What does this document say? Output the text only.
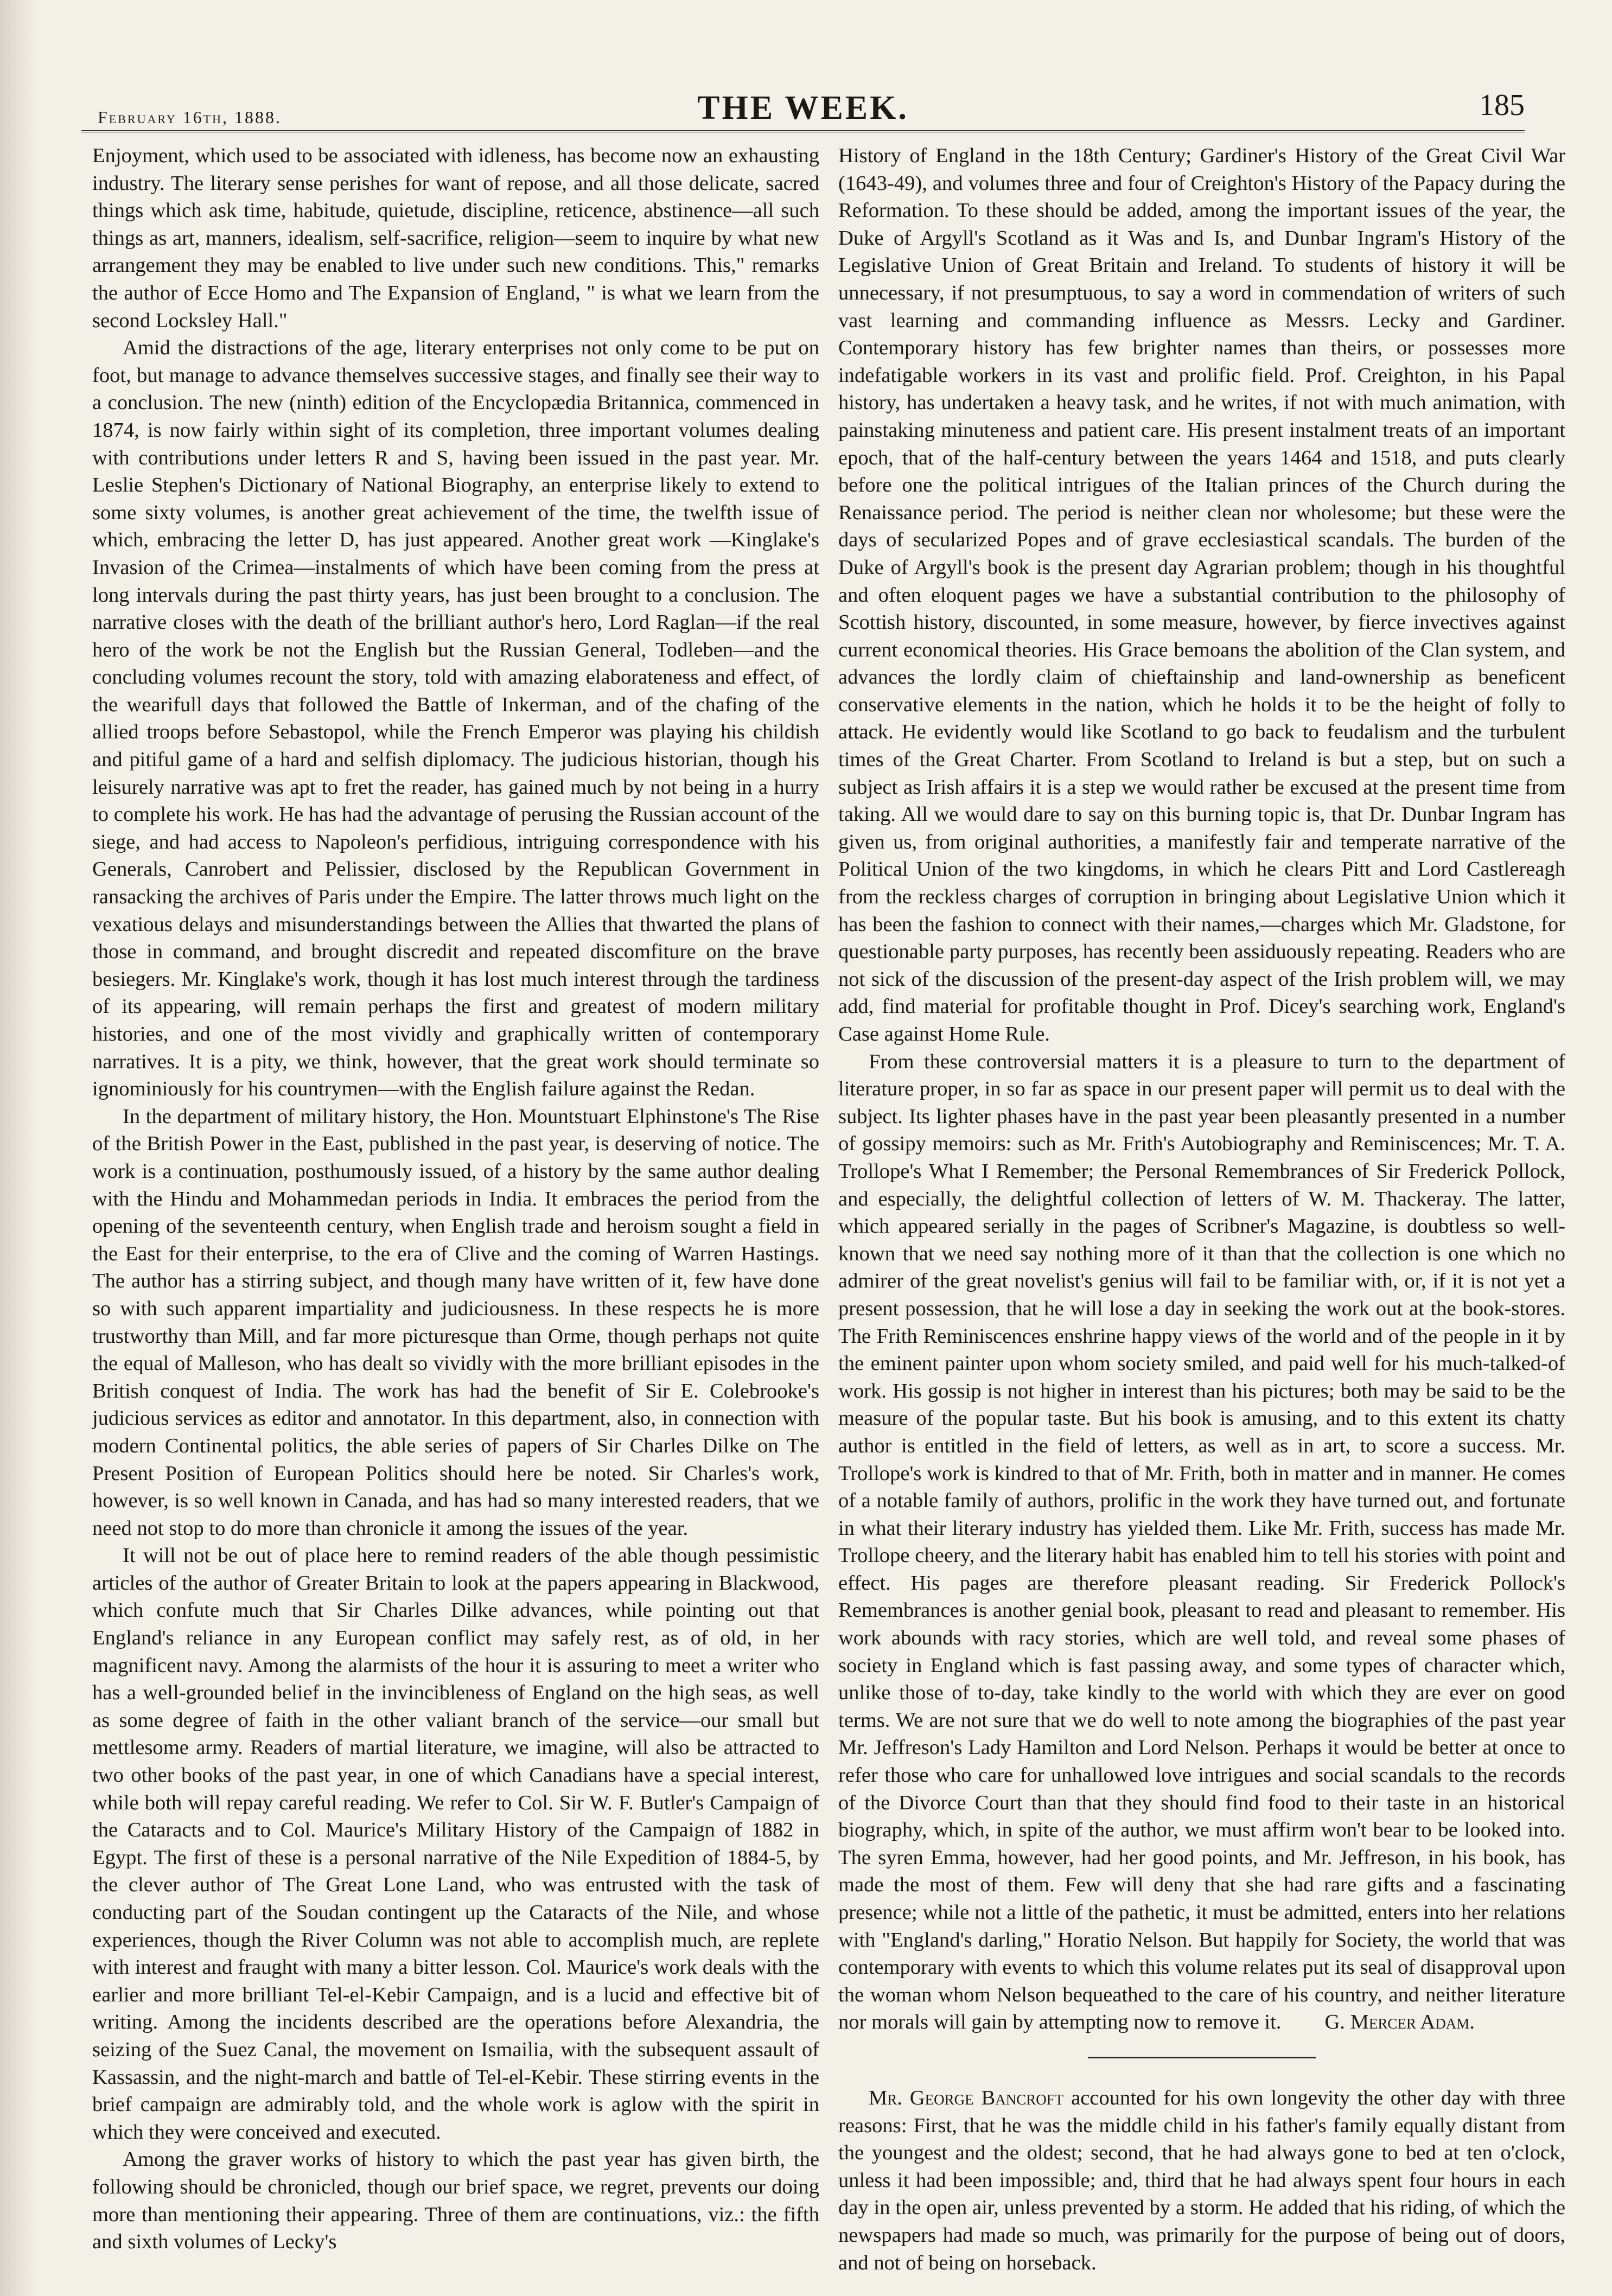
February 16th, 1888.	THE WEEK.	185

Enjoyment, which used to be associated with idleness, has become now an exhausting industry. The literary sense perishes for want of repose, and all those delicate, sacred things which ask time, habitude, quietude, discipline, reticence, abstinence—all such things as art, manners, idealism, self-sacrifice, religion—seem to inquire by what new arrangement they may be enabled to live under such new conditions. This," remarks the author of Ecce Homo and The Expansion of England, " is what we learn from the second Locksley Hall."

Amid the distractions of the age, literary enterprises not only come to be put on foot, but manage to advance themselves successive stages, and finally see their way to a conclusion. The new (ninth) edition of the Encyclopædia Britannica, commenced in 1874, is now fairly within sight of its completion, three important volumes dealing with contributions under letters R and S, having been issued in the past year. Mr. Leslie Stephen's Dictionary of National Biography, an enterprise likely to extend to some sixty volumes, is another great achievement of the time, the twelfth issue of which, embracing the letter D, has just appeared. Another great work —Kinglake's Invasion of the Crimea—instalments of which have been coming from the press at long intervals during the past thirty years, has just been brought to a conclusion. The narrative closes with the death of the brilliant author's hero, Lord Raglan—if the real hero of the work be not the English but the Russian General, Todleben—and the concluding volumes recount the story, told with amazing elaborateness and effect, of the wearifull days that followed the Battle of Inkerman, and of the chafing of the allied troops before Sebastopol, while the French Emperor was playing his childish and pitiful game of a hard and selfish diplomacy. The judicious historian, though his leisurely narrative was apt to fret the reader, has gained much by not being in a hurry to complete his work. He has had the advantage of perusing the Russian account of the siege, and had access to Napoleon's perfidious, intriguing correspondence with his Generals, Canrobert and Pelissier, disclosed by the Republican Government in ransacking the archives of Paris under the Empire. The latter throws much light on the vexatious delays and misunderstandings between the Allies that thwarted the plans of those in command, and brought discredit and repeated discomfiture on the brave besiegers. Mr. Kinglake's work, though it has lost much interest through the tardiness of its appearing, will remain perhaps the first and greatest of modern military histories, and one of the most vividly and graphically written of contemporary narratives. It is a pity, we think, however, that the great work should terminate so ignominiously for his countrymen—with the English failure against the Redan.

In the department of military history, the Hon. Mountstuart Elphinstone's The Rise of the British Power in the East, published in the past year, is deserving of notice. The work is a continuation, posthumously issued, of a history by the same author dealing with the Hindu and Mohammedan periods in India. It embraces the period from the opening of the seventeenth century, when English trade and heroism sought a field in the East for their enterprise, to the era of Clive and the coming of Warren Hastings. The author has a stirring subject, and though many have written of it, few have done so with such apparent impartiality and judiciousness. In these respects he is more trustworthy than Mill, and far more picturesque than Orme, though perhaps not quite the equal of Malleson, who has dealt so vividly with the more brilliant episodes in the British conquest of India. The work has had the benefit of Sir E. Colebrooke's judicious services as editor and annotator. In this department, also, in connection with modern Continental politics, the able series of papers of Sir Charles Dilke on The Present Position of European Politics should here be noted. Sir Charles's work, however, is so well known in Canada, and has had so many interested readers, that we need not stop to do more than chronicle it among the issues of the year.

It will not be out of place here to remind readers of the able though pessimistic articles of the author of Greater Britain to look at the papers appearing in Blackwood, which confute much that Sir Charles Dilke advances, while pointing out that England's reliance in any European conflict may safely rest, as of old, in her magnificent navy. Among the alarmists of the hour it is assuring to meet a writer who has a well-grounded belief in the invincibleness of England on the high seas, as well as some degree of faith in the other valiant branch of the service—our small but mettlesome army. Readers of martial literature, we imagine, will also be attracted to two other books of the past year, in one of which Canadians have a special interest, while both will repay careful reading. We refer to Col. Sir W. F. Butler's Campaign of the Cataracts and to Col. Maurice's Military History of the Campaign of 1882 in Egypt. The first of these is a personal narrative of the Nile Expedition of 1884-5, by the clever author of The Great Lone Land, who was entrusted with the task of conducting part of the Soudan contingent up the Cataracts of the Nile, and whose experiences, though the River Column was not able to accomplish much, are replete with interest and fraught with many a bitter lesson. Col. Maurice's work deals with the earlier and more brilliant Tel-el-Kebir Campaign, and is a lucid and effective bit of writing. Among the incidents described are the operations before Alexandria, the seizing of the Suez Canal, the movement on Ismailia, with the subsequent assault of Kassassin, and the night-march and battle of Tel-el-Kebir. These stirring events in the brief campaign are admirably told, and the whole work is aglow with the spirit in which they were conceived and executed.

Among the graver works of history to which the past year has given birth, the following should be chronicled, though our brief space, we regret, prevents our doing more than mentioning their appearing. Three of them are continuations, viz.: the fifth and sixth volumes of Lecky's

History of England in the 18th Century; Gardiner's History of the Great Civil War (1643-49), and volumes three and four of Creighton's History of the Papacy during the Reformation. To these should be added, among the important issues of the year, the Duke of Argyll's Scotland as it Was and Is, and Dunbar Ingram's History of the Legislative Union of Great Britain and Ireland. To students of history it will be unnecessary, if not presumptuous, to say a word in commendation of writers of such vast learning and commanding influence as Messrs. Lecky and Gardiner. Contemporary history has few brighter names than theirs, or possesses more indefatigable workers in its vast and prolific field. Prof. Creighton, in his Papal history, has undertaken a heavy task, and he writes, if not with much animation, with painstaking minuteness and patient care. His present instalment treats of an important epoch, that of the half-century between the years 1464 and 1518, and puts clearly before one the political intrigues of the Italian princes of the Church during the Renaissance period. The period is neither clean nor wholesome; but these were the days of secularized Popes and of grave ecclesiastical scandals. The burden of the Duke of Argyll's book is the present day Agrarian problem; though in his thoughtful and often eloquent pages we have a substantial contribution to the philosophy of Scottish history, discounted, in some measure, however, by fierce invectives against current economical theories. His Grace bemoans the abolition of the Clan system, and advances the lordly claim of chieftainship and land-ownership as beneficent conservative elements in the nation, which he holds it to be the height of folly to attack. He evidently would like Scotland to go back to feudalism and the turbulent times of the Great Charter. From Scotland to Ireland is but a step, but on such a subject as Irish affairs it is a step we would rather be excused at the present time from taking. All we would dare to say on this burning topic is, that Dr. Dunbar Ingram has given us, from original authorities, a manifestly fair and temperate narrative of the Political Union of the two kingdoms, in which he clears Pitt and Lord Castlereagh from the reckless charges of corruption in bringing about Legislative Union which it has been the fashion to connect with their names,—charges which Mr. Gladstone, for questionable party purposes, has recently been assiduously repeating. Readers who are not sick of the discussion of the present-day aspect of the Irish problem will, we may add, find material for profitable thought in Prof. Dicey's searching work, England's Case against Home Rule.

From these controversial matters it is a pleasure to turn to the department of literature proper, in so far as space in our present paper will permit us to deal with the subject. Its lighter phases have in the past year been pleasantly presented in a number of gossipy memoirs: such as Mr. Frith's Autobiography and Reminiscences; Mr. T. A. Trollope's What I Remember; the Personal Remembrances of Sir Frederick Pollock, and especially, the delightful collection of letters of W. M. Thackeray. The latter, which appeared serially in the pages of Scribner's Magazine, is doubtless so well-known that we need say nothing more of it than that the collection is one which no admirer of the great novelist's genius will fail to be familiar with, or, if it is not yet a present possession, that he will lose a day in seeking the work out at the book-stores. The Frith Reminiscences enshrine happy views of the world and of the people in it by the eminent painter upon whom society smiled, and paid well for his much-talked-of work. His gossip is not higher in interest than his pictures; both may be said to be the measure of the popular taste. But his book is amusing, and to this extent its chatty author is entitled in the field of letters, as well as in art, to score a success. Mr. Trollope's work is kindred to that of Mr. Frith, both in matter and in manner. He comes of a notable family of authors, prolific in the work they have turned out, and fortunate in what their literary industry has yielded them. Like Mr. Frith, success has made Mr. Trollope cheery, and the literary habit has enabled him to tell his stories with point and effect. His pages are therefore pleasant reading. Sir Frederick Pollock's Remembrances is another genial book, pleasant to read and pleasant to remember. His work abounds with racy stories, which are well told, and reveal some phases of society in England which is fast passing away, and some types of character which, unlike those of to-day, take kindly to the world with which they are ever on good terms. We are not sure that we do well to note among the biographies of the past year Mr. Jeffreson's Lady Hamilton and Lord Nelson. Perhaps it would be better at once to refer those who care for unhallowed love intrigues and social scandals to the records of the Divorce Court than that they should find food to their taste in an historical biography, which, in spite of the author, we must affirm won't bear to be looked into. The syren Emma, however, had her good points, and Mr. Jeffreson, in his book, has made the most of them. Few will deny that she had rare gifts and a fascinating presence; while not a little of the pathetic, it must be admitted, enters into her relations with "England's darling," Horatio Nelson. But happily for Society, the world that was contemporary with events to which this volume relates put its seal of disapproval upon the woman whom Nelson bequeathed to the care of his country, and neither literature nor morals will gain by attempting now to remove it. G. Mercer Adam.

Mr. George Bancroft accounted for his own longevity the other day with three reasons: First, that he was the middle child in his father's family equally distant from the youngest and the oldest; second, that he had always gone to bed at ten o'clock, unless it had been impossible; and, third that he had always spent four hours in each day in the open air, unless prevented by a storm. He added that his riding, of which the newspapers had made so much, was primarily for the purpose of being out of doors, and not of being on horseback.
